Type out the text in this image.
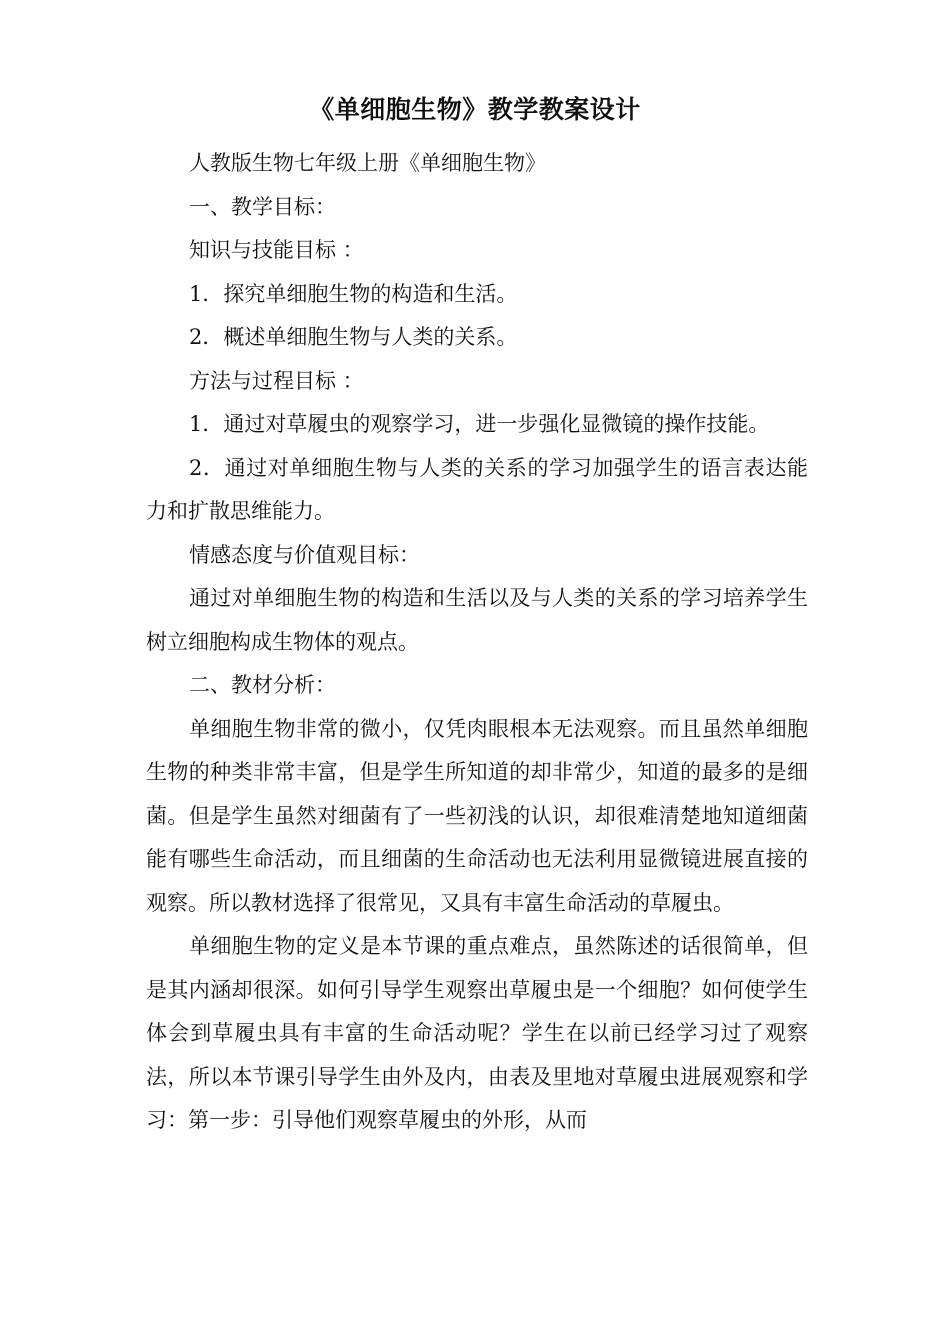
《单细胞生物》教学教案设计

人教版生物七年级上册《单细胞生物》

一、教学目标：

知识与技能目标 ：

1．探究单细胞生物的构造和生活。

2．概述单细胞生物与人类的关系。

方法与过程目标 ：

1．通过对草履虫的观察学习，进一步强化显微镜的操作技能。

2．通过对单细胞生物与人类的关系的学习加强学生的语言表达能力和扩散思维能力。

情感态度与价值观目标：

通过对单细胞生物的构造和生活以及与人类的关系的学习培养学生树立细胞构成生物体的观点。

二、教材分析：

单细胞生物非常的微小，仅凭肉眼根本无法观察。而且虽然单细胞生物的种类非常丰富，但是学生所知道的却非常少，知道的最多的是细菌。但是学生虽然对细菌有了一些初浅的认识，却很难清楚地知道细菌能有哪些生命活动，而且细菌的生命活动也无法利用显微镜进展直接的观察。所以教材选择了很常见，又具有丰富生命活动的草履虫。

单细胞生物的定义是本节课的重点难点，虽然陈述的话很简单，但是其内涵却很深。如何引导学生观察出草履虫是一个细胞？如何使学生体会到草履虫具有丰富的生命活动呢？学生在以前已经学习过了观察法，所以本节课引导学生由外及内，由表及里地对草履虫进展观察和学习：第一步：引导他们观察草履虫的外形，从而
